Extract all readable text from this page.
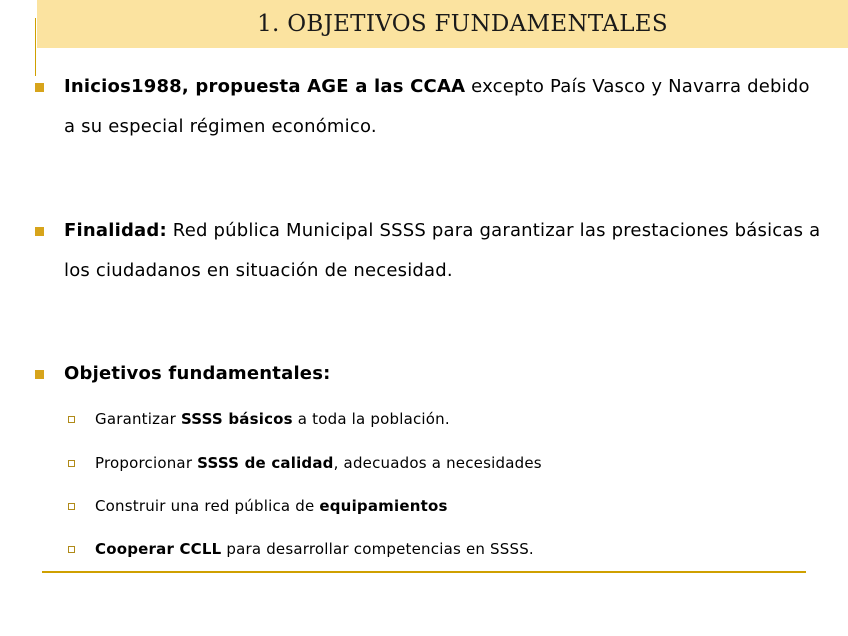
1. OBJETIVOS FUNDAMENTALES
Inicios1988, propuesta AGE a las CCAA excepto País Vasco y Navarra debido a su especial régimen económico.
Finalidad: Red pública Municipal SSSS para garantizar las prestaciones básicas a los ciudadanos en situación de necesidad.
Objetivos fundamentales:
Garantizar SSSS básicos a toda la población.
Proporcionar SSSS de calidad, adecuados a necesidades
Construir una red pública de equipamientos
Cooperar CCLL para desarrollar competencias en SSSS.
